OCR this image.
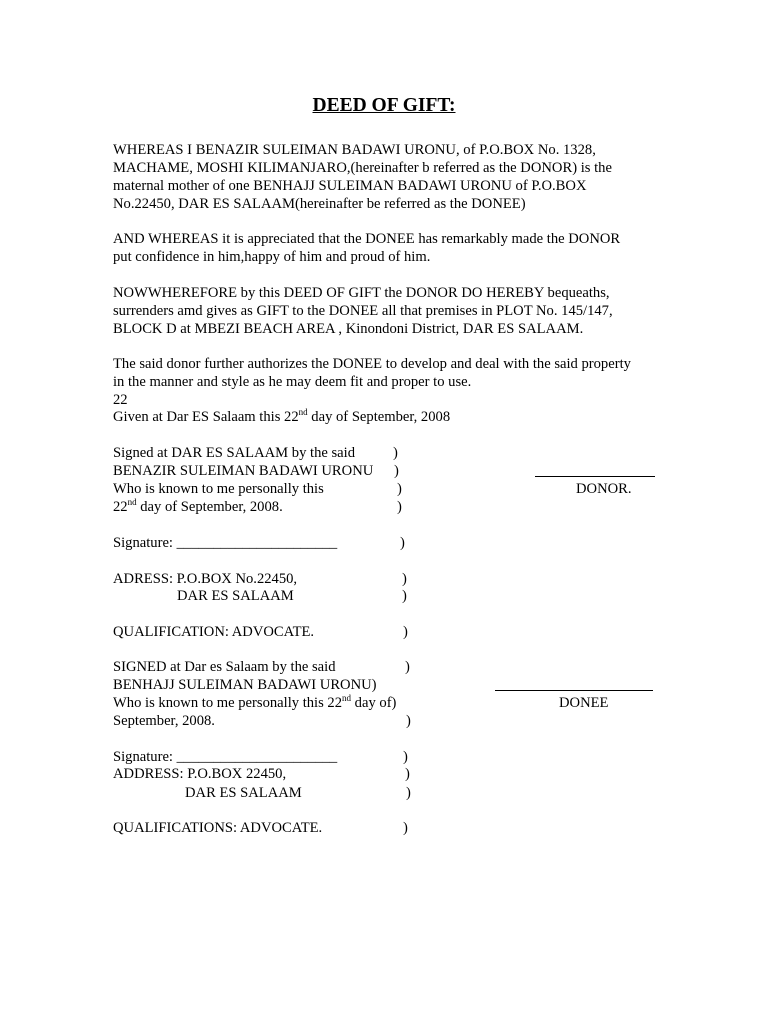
DEED OF GIFT:
WHEREAS I BENAZIR SULEIMAN BADAWI URONU, of P.O.BOX No. 1328,
MACHAME, MOSHI KILIMANJARO,(hereinafter b referred as the DONOR) is the
maternal mother of one BENHAJJ SULEIMAN BADAWI URONU of P.O.BOX
No.22450, DAR ES SALAAM(hereinafter be referred as the DONEE)
AND WHEREAS it is appreciated that the DONEE has remarkably made the DONOR
put confidence in him,happy of him and proud of him.
NOWWHEREFORE by this DEED OF GIFT the DONOR DO HEREBY bequeaths,
surrenders amd gives as GIFT to the DONEE all that premises in PLOT No. 145/147,
BLOCK D at MBEZI BEACH AREA , Kinondoni District, DAR ES SALAAM.
The said donor further authorizes the DONEE to develop and deal with the said property
in the manner and style as he may deem fit and proper to use.
22
Given at Dar ES Salaam this 22nd day of September, 2008
Signed at DAR ES SALAAM by the said	)
BENAZIR SULEIMAN BADAWI URONU )
Who is known to me personally this	)
22nd day of September, 2008.	)
DONOR.
Signature: ______________________	)
ADRESS: P.O.BOX No.22450,	)
DAR ES SALAAM	)
QUALIFICATION: ADVOCATE.	)
SIGNED at Dar es Salaam by the said	)
BENHAJJ SULEIMAN BADAWI URONU)
Who is known to me personally this 22nd day of)	DONEE
September, 2008.	)
Signature: ______________________	)
ADDRESS: P.O.BOX 22450,	)
DAR ES SALAAM	)
QUALIFICATIONS: ADVOCATE.	)
